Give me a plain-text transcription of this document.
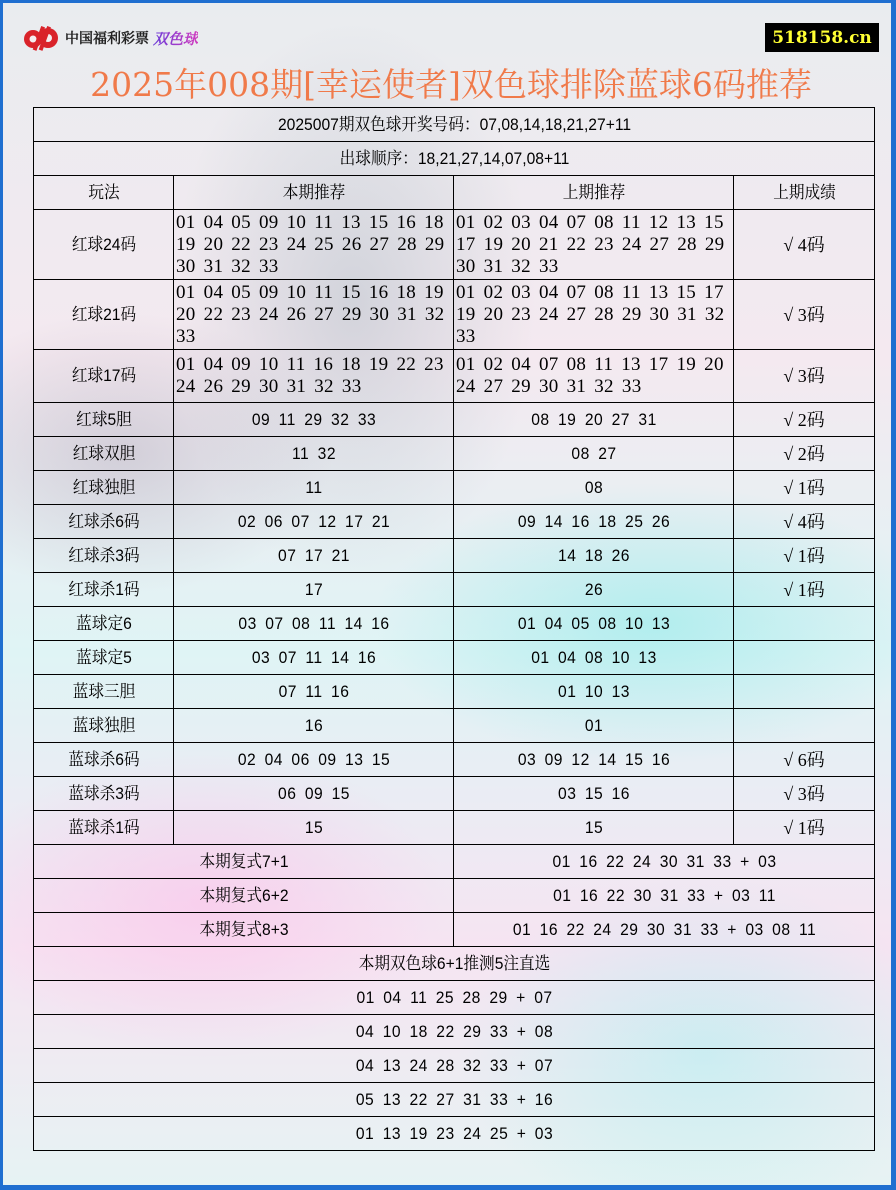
中国福利彩票 双色球	518158.cn
2025年008期[幸运使者]双色球排除蓝球6码推荐
2025007期双色球开奖号码：07,08,14,18,21,27+11			
出球顺序：18,21,27,14,07,08+11			
玩法	本期推荐	上期推荐	上期成绩
红球24码	01 04 05 09 10 11 13 15 16 18 19 20 22 23 24 25 26 27 28 29 30 31 32 33	01 02 03 04 07 08 11 12 13 15 17 19 20 21 22 23 24 27 28 29 30 31 32 33	√ 4码
红球21码	01 04 05 09 10 11 15 16 18 19 20 22 23 24 26 27 29 30 31 32 33	01 02 03 04 07 08 11 13 15 17 19 20 23 24 27 28 29 30 31 32 33	√ 3码
红球17码	01 04 09 10 11 16 18 19 22 23 24 26 29 30 31 32 33	01 02 04 07 08 11 13 17 19 20 24 27 29 30 31 32 33	√ 3码
红球5胆	09 11 29 32 33	08 19 20 27 31	√ 2码
红球双胆	11 32	08 27	√ 2码
红球独胆	11	08	√ 1码
红球杀6码	02 06 07 12 17 21	09 14 16 18 25 26	√ 4码
红球杀3码	07 17 21	14 18 26	√ 1码
红球杀1码	17	26	√ 1码
蓝球定6	03 07 08 11 14 16	01 04 05 08 10 13	
蓝球定5	03 07 11 14 16	01 04 08 10 13	
蓝球三胆	07 11 16	01 10 13	
蓝球独胆	16	01	
蓝球杀6码	02 04 06 09 13 15	03 09 12 14 15 16	√ 6码
蓝球杀3码	06 09 15	03 15 16	√ 3码
蓝球杀1码	15	15	√ 1码
本期复式7+1		01 16 22 24 30 31 33 + 03	
本期复式6+2		01 16 22 30 31 33 + 03 11	
本期复式8+3		01 16 22 24 29 30 31 33 + 03 08 11	
本期双色球6+1推测5注直选			
01 04 11 25 28 29 + 07			
04 10 18 22 29 33 + 08			
04 13 24 28 32 33 + 07			
05 13 22 27 31 33 + 16			
01 13 19 23 24 25 + 03			
